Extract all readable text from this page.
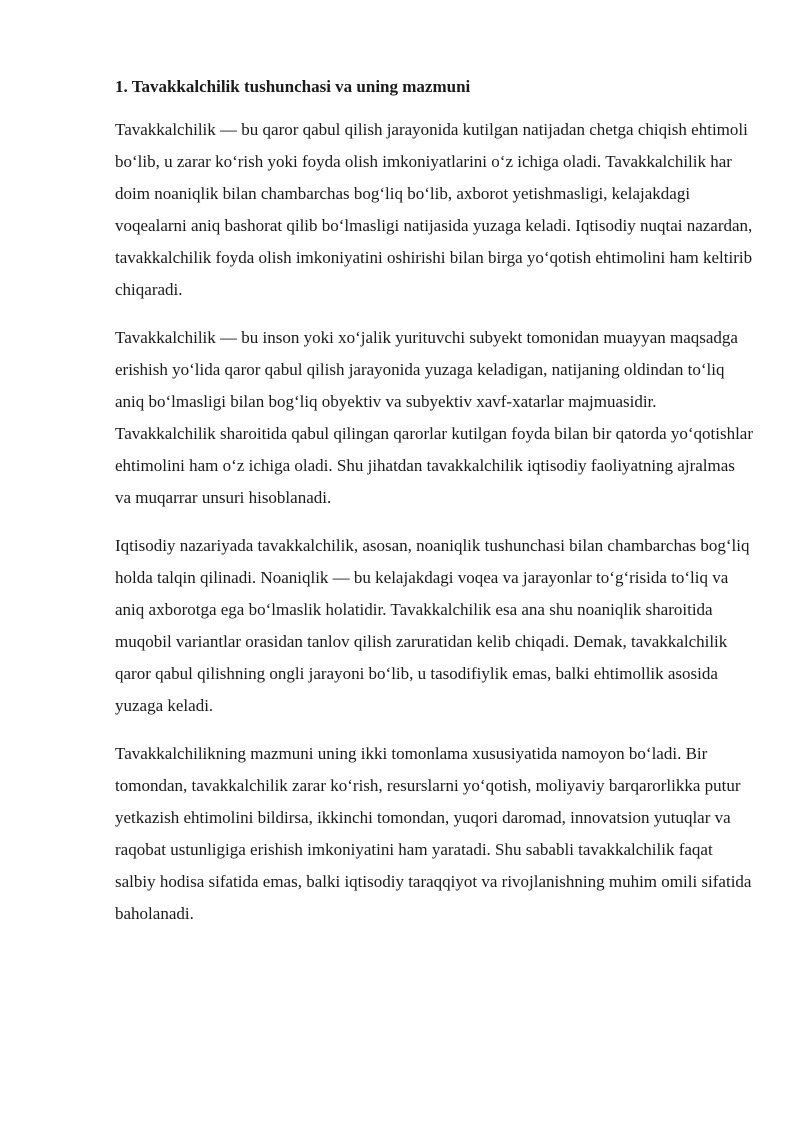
1. Tavakkalchilik tushunchasi va uning mazmuni

Tavakkalchilik — bu qaror qabul qilish jarayonida kutilgan natijadan chetga chiqish ehtimoli bo‘lib, u zarar ko‘rish yoki foyda olish imkoniyatlarini o‘z ichiga oladi. Tavakkalchilik har doim noaniqlik bilan chambarchas bog‘liq bo‘lib, axborot yetishmasligi, kelajakdagi voqealarni aniq bashorat qilib bo‘lmasligi natijasida yuzaga keladi. Iqtisodiy nuqtai nazardan, tavakkalchilik foyda olish imkoniyatini oshirishi bilan birga yo‘qotish ehtimolini ham keltirib chiqaradi.

Tavakkalchilik — bu inson yoki xo‘jalik yurituvchi subyekt tomonidan muayyan maqsadga erishish yo‘lida qaror qabul qilish jarayonida yuzaga keladigan, natijaning oldindan to‘liq aniq bo‘lmasligi bilan bog‘liq obyektiv va subyektiv xavf-xatarlar majmuasidir. Tavakkalchilik sharoitida qabul qilingan qarorlar kutilgan foyda bilan bir qatorda yo‘qotishlar ehtimolini ham o‘z ichiga oladi. Shu jihatdan tavakkalchilik iqtisodiy faoliyatning ajralmas va muqarrar unsuri hisoblanadi.

Iqtisodiy nazariyada tavakkalchilik, asosan, noaniqlik tushunchasi bilan chambarchas bog‘liq holda talqin qilinadi. Noaniqlik — bu kelajakdagi voqea va jarayonlar to‘g‘risida to‘liq va aniq axborotga ega bo‘lmaslik holatidir. Tavakkalchilik esa ana shu noaniqlik sharoitida muqobil variantlar orasidan tanlov qilish zaruratidan kelib chiqadi. Demak, tavakkalchilik qaror qabul qilishning ongli jarayoni bo‘lib, u tasodifiylik emas, balki ehtimollik asosida yuzaga keladi.

Tavakkalchilikning mazmuni uning ikki tomonlama xususiyatida namoyon bo‘ladi. Bir tomondan, tavakkalchilik zarar ko‘rish, resurslarni yo‘qotish, moliyaviy barqarorlikka putur yetkazish ehtimolini bildirsa, ikkinchi tomondan, yuqori daromad, innovatsion yutuqlar va raqobat ustunligiga erishish imkoniyatini ham yaratadi. Shu sababli tavakkalchilik faqat salbiy hodisa sifatida emas, balki iqtisodiy taraqqiyot va rivojlanishning muhim omili sifatida baholanadi.
